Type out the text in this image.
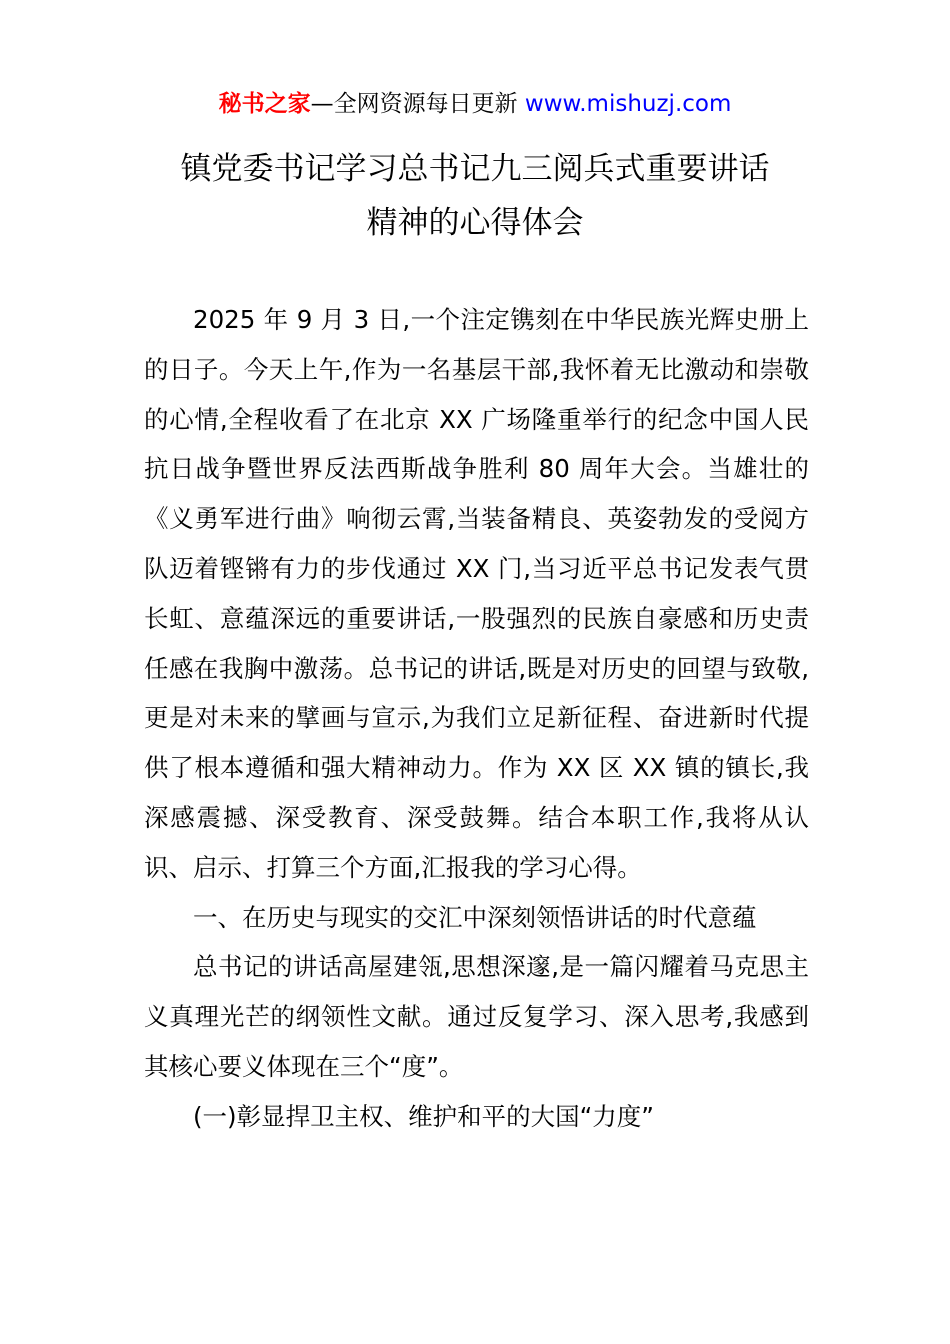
秘书之家—全网资源每日更新 www.mishuzj.com
镇党委书记学习总书记九三阅兵式重要讲话
精神的心得体会

2025 年 9 月 3 日,一个注定镌刻在中华民族光辉史册上的日子。今天上午,作为一名基层干部,我怀着无比激动和崇敬的心情,全程收看了在北京 XX 广场隆重举行的纪念中国人民抗日战争暨世界反法西斯战争胜利 80 周年大会。当雄壮的《义勇军进行曲》响彻云霄,当装备精良、英姿勃发的受阅方队迈着铿锵有力的步伐通过 XX 门,当习近平总书记发表气贯长虹、意蕴深远的重要讲话,一股强烈的民族自豪感和历史责任感在我胸中激荡。总书记的讲话,既是对历史的回望与致敬,更是对未来的擘画与宣示,为我们立足新征程、奋进新时代提供了根本遵循和强大精神动力。作为 XX 区 XX 镇的镇长,我深感震撼、深受教育、深受鼓舞。结合本职工作,我将从认识、启示、打算三个方面,汇报我的学习心得。

一、在历史与现实的交汇中深刻领悟讲话的时代意蕴

总书记的讲话高屋建瓴,思想深邃,是一篇闪耀着马克思主义真理光芒的纲领性文献。通过反复学习、深入思考,我感到其核心要义体现在三个“度”。

(一)彰显捍卫主权、维护和平的大国“力度”
